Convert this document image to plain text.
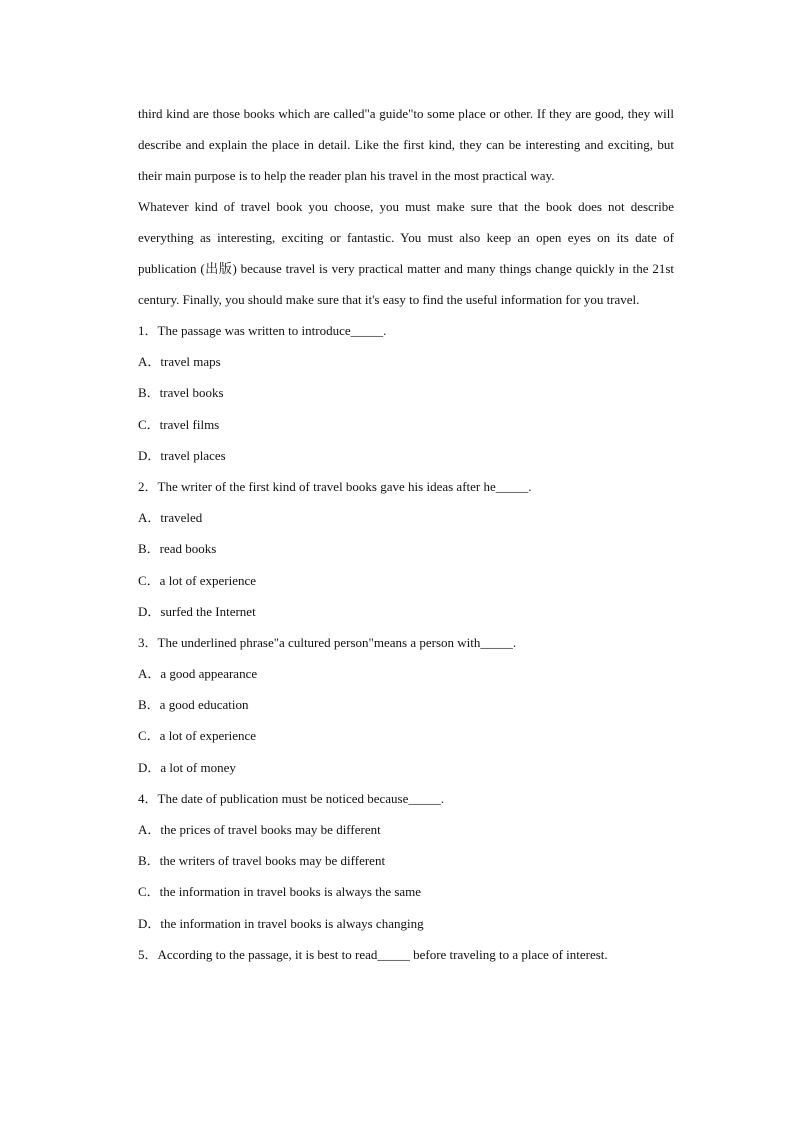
third kind are those books which are called"a guide"to some place or other. If they are good, they will describe and explain the place in detail. Like the first kind, they can be interesting and exciting, but their main purpose is to help the reader plan his travel in the most practical way.

Whatever kind of travel book you choose, you must make sure that the book does not describe everything as interesting, exciting or fantastic. You must also keep an open eyes on its date of publication (出版) because travel is very practical matter and many things change quickly in the 21st century. Finally, you should make sure that it's easy to find the useful information for you travel.

1．The passage was written to introduce_____.

A．travel maps

B．travel books

C．travel films

D．travel places

2．The writer of the first kind of travel books gave his ideas after he_____.

A．traveled

B．read books

C．a lot of experience

D．surfed the Internet

3．The underlined phrase"a cultured person"means a person with_____.

A．a good appearance

B．a good education

C．a lot of experience

D．a lot of money

4．The date of publication must be noticed because_____.

A．the prices of travel books may be different

B．the writers of travel books may be different

C．the information in travel books is always the same

D．the information in travel books is always changing

5．According to the passage, it is best to read_____ before traveling to a place of interest.
